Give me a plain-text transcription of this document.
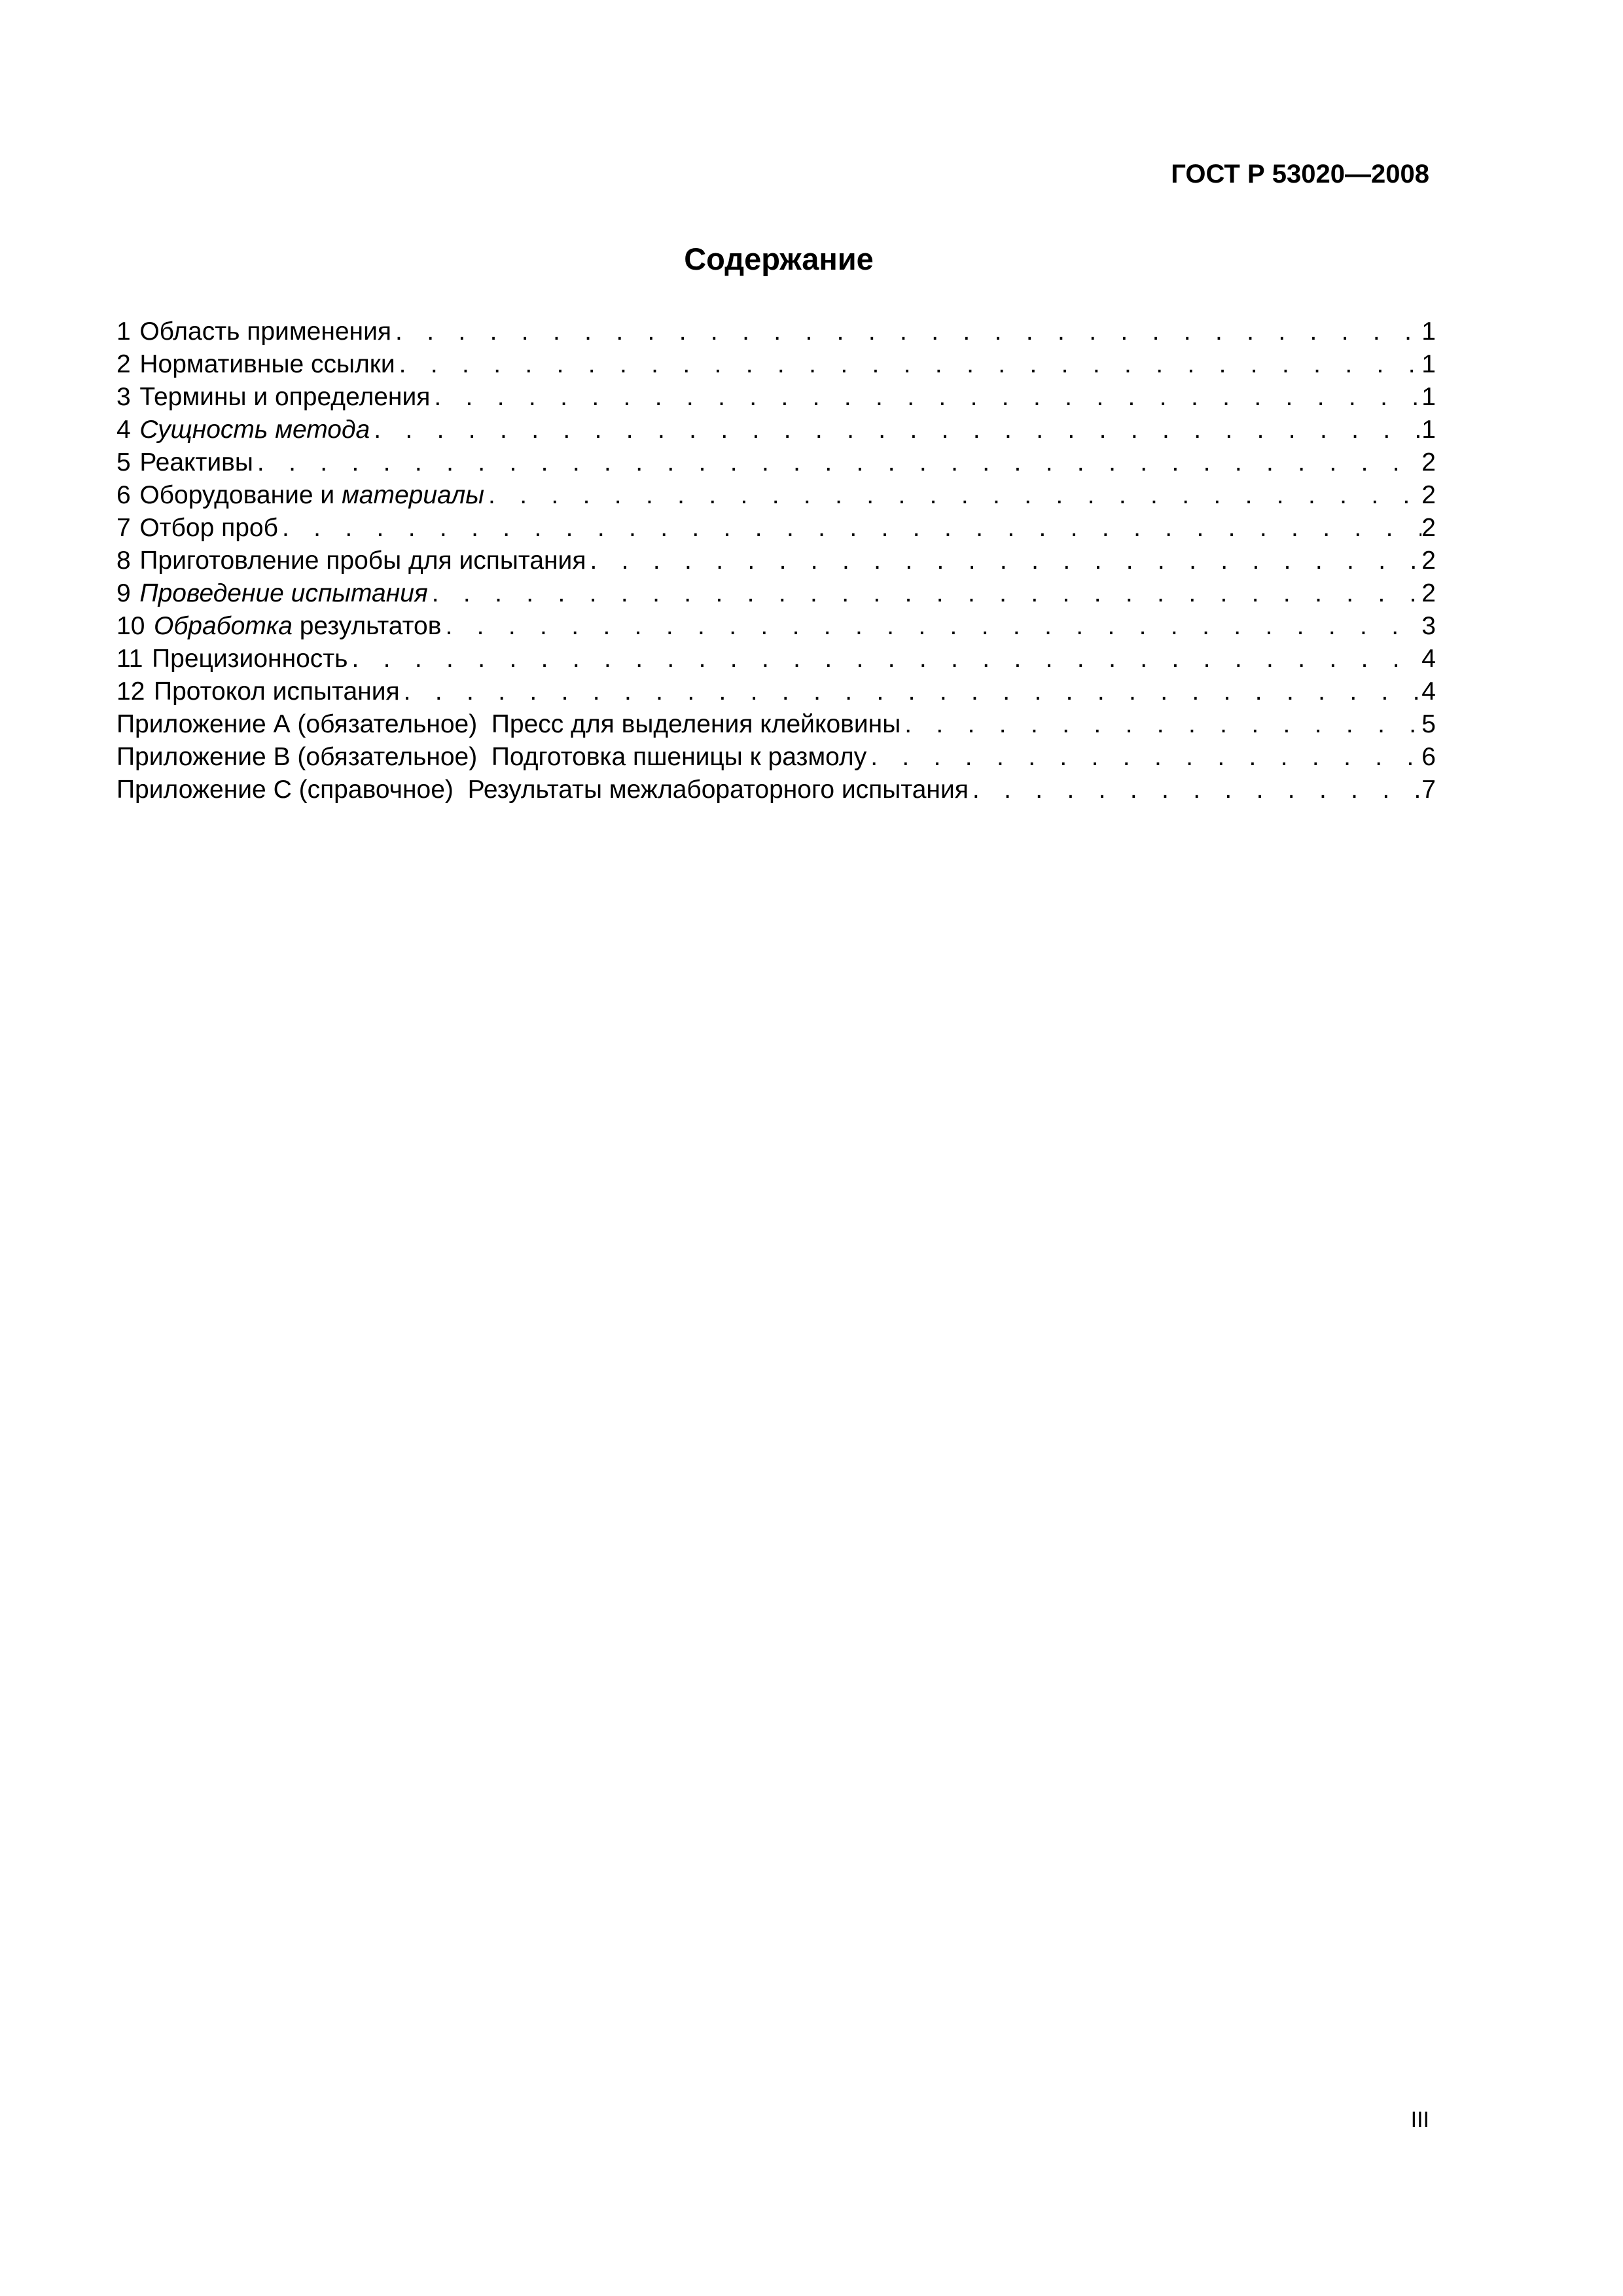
ГОСТ Р 53020—2008
Содержание
1 Область применения . . .	1
2 Нормативные ссылки . . .	1
3 Термины и определения . . .	1
4 Сущность метода . . .	1
5 Реактивы . . .	2
6 Оборудование и материалы . . .	2
7 Отбор проб . . .	2
8 Приготовление пробы для испытания . . .	2
9 Проведение испытания . . .	2
10 Обработка результатов . . .	3
11 Прецизионность . . .	4
12 Протокол испытания . . .	4
Приложение А (обязательное)  Пресс для выделения клейковины . . .	5
Приложение В (обязательное)  Подготовка пшеницы к размолу . . .	6
Приложение С (справочное)  Результаты межлабораторного испытания . . .	7
III
